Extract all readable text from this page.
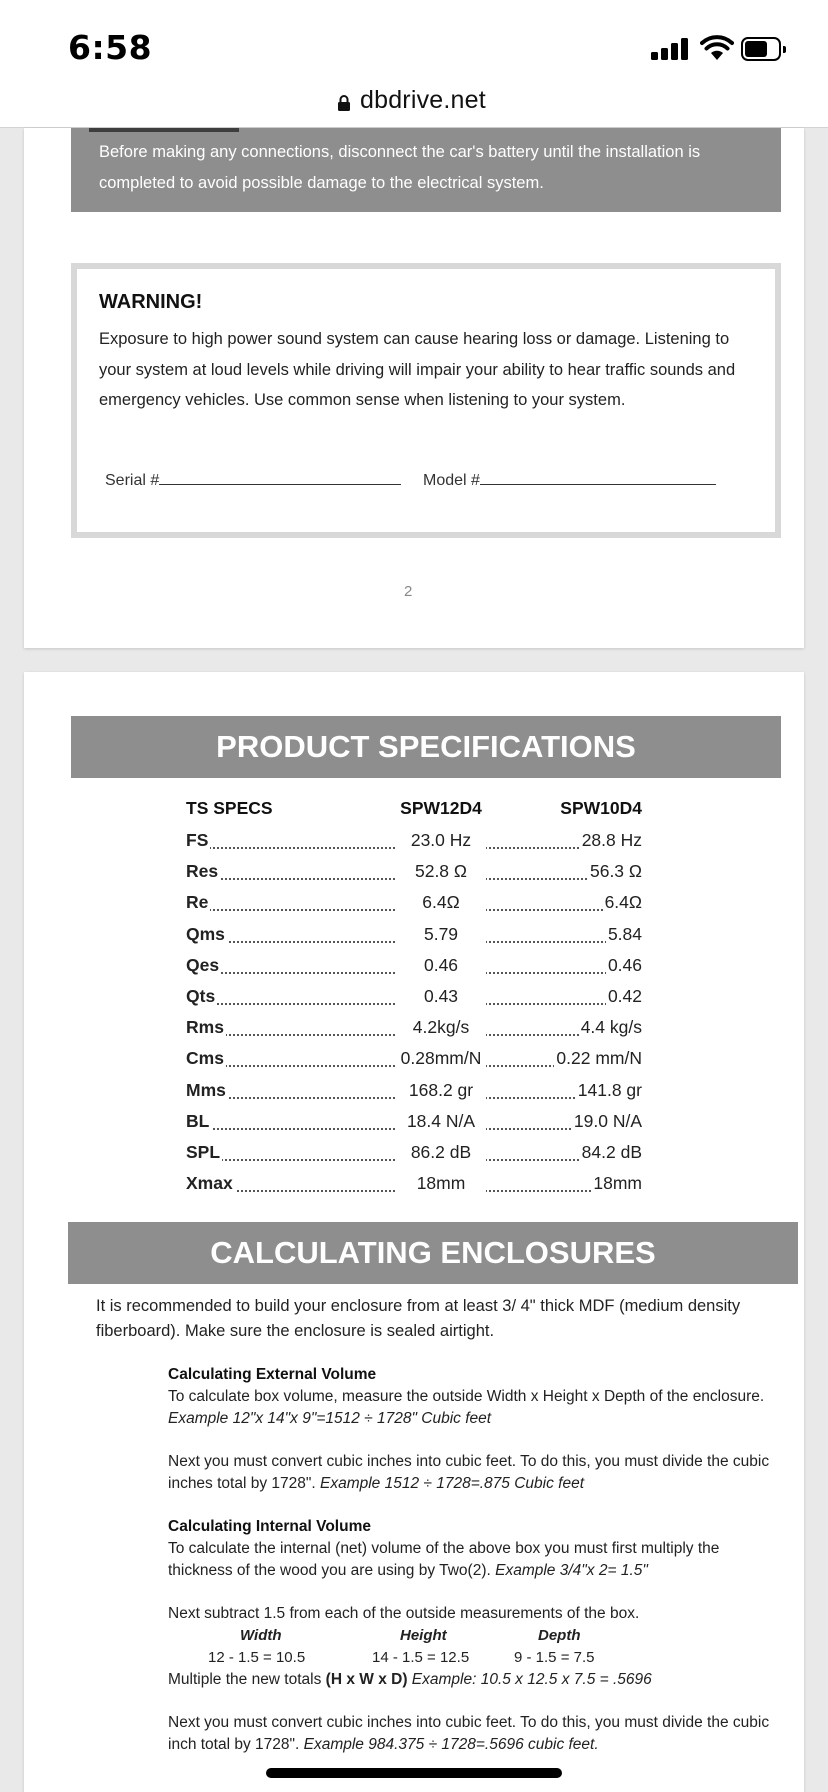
6:58
dbdrive.net
Before making any connections, disconnect the car's battery until the installation is completed to avoid possible damage to the electrical system.
WARNING!
Exposure to high power sound system can cause hearing loss or damage. Listening to your system at loud levels while driving will impair your ability to hear traffic sounds and emergency vehicles. Use common sense when listening to your system.
Serial #	Model #
2
PRODUCT SPECIFICATIONS
TS SPECS	SPW12D4	SPW10D4
FS	23.0 Hz	28.8 Hz
Res	52.8 Ω	56.3 Ω
Re	6.4Ω	6.4Ω
Qms	5.79	5.84
Qes	0.46	0.46
Qts	0.43	0.42
Rms	4.2kg/s	4.4 kg/s
Cms	0.28mm/N	0.22 mm/N
Mms	168.2 gr	141.8 gr
BL	18.4 N/A	19.0 N/A
SPL	86.2 dB	84.2 dB
Xmax	18mm	18mm
CALCULATING ENCLOSURES
It is recommended to build your enclosure from at least 3/ 4" thick MDF (medium density fiberboard). Make sure the enclosure is sealed airtight.
Calculating External Volume

To calculate box volume, measure the outside Width x Height x Depth of the enclosure. Example 12"x 14"x 9"=1512 ÷ 1728" Cubic feet

Next you must convert cubic inches into cubic feet. To do this, you must divide the cubic inches total by 1728". Example 1512 ÷ 1728=.875 Cubic feet

Calculating Internal Volume

To calculate the internal (net) volume of the above box you must first multiply the thickness of the wood you are using by Two(2). Example 3/4"x 2= 1.5"

Next subtract 1.5 from each of the outside measurements of the box.

Width	Height	Depth
12 - 1.5 = 10.5	14 - 1.5 = 12.5	9 - 1.5 = 7.5

Multiple the new totals (H x W x D) Example: 10.5 x 12.5 x 7.5 = .5696

Next you must convert cubic inches into cubic feet. To do this, you must divide the cubic inch total by 1728". Example 984.375 ÷ 1728=.5696 cubic feet.
